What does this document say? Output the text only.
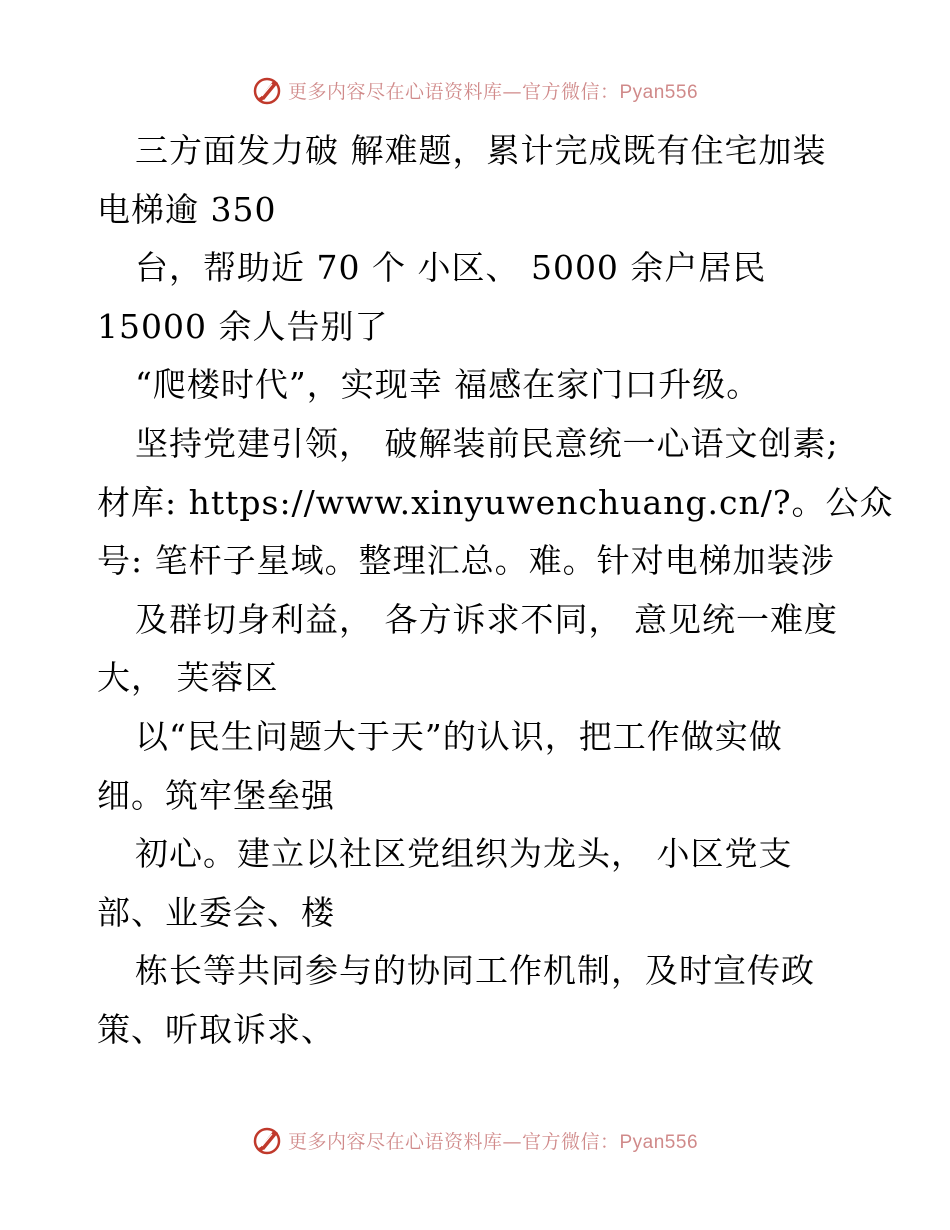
更多内容尽在心语资料库—官方微信：Pyan556
三方面发力破 解难题，累计完成既有住宅加装
电梯逾 350
台，帮助近 70 个 小区、 5000 余户居民
15000 余人告别了
“爬楼时代”，实现幸 福感在家门口升级。
坚持党建引领， 破解装前民意统一心语文创素;
材库: https://www.xinyuwenchuang.cn/?。公众
号: 笔杆子星域。整理汇总。难。针对电梯加装涉
及群切身利益， 各方诉求不同， 意见统一难度
大， 芙蓉区
以“民生问题大于天”的认识，把工作做实做
细。筑牢堡垒强
初心。建立以社区党组织为龙头， 小区党支
部、业委会、楼
栋长等共同参与的协同工作机制，及时宣传政
策、听取诉求、
更多内容尽在心语资料库—官方微信：Pyan556
